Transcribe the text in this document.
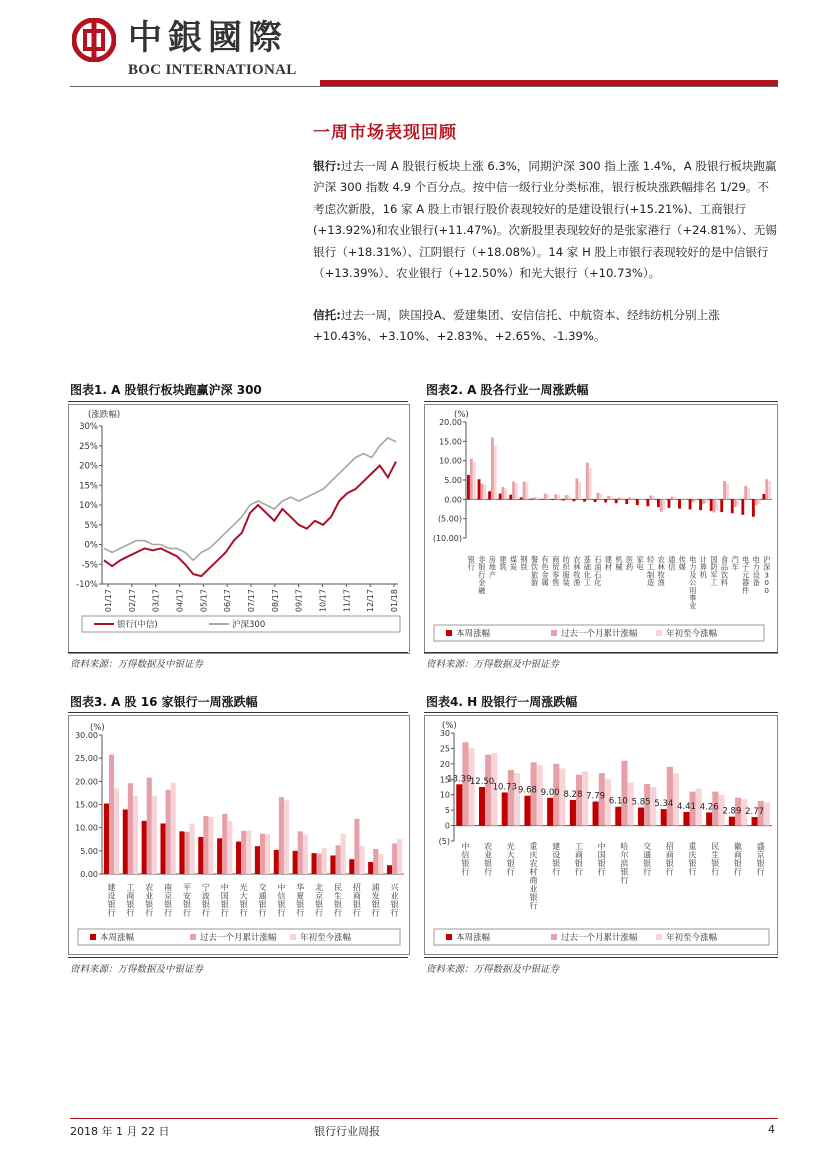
中銀國際
BOC INTERNATIONAL
一周市场表现回顾
银行:过去一周 A 股银行板块上涨 6.3%，同期沪深 300 指上涨 1.4%，A 股银行板块跑赢沪深 300 指数 4.9 个百分点。按中信一级行业分类标准，银行板块涨跌幅排名 1/29。不考虑次新股，16 家 A 股上市银行股价表现较好的是建设银行(+15.21%)、工商银行(+13.92%)和农业银行(+11.47%)。次新股里表现较好的是张家港行（+24.81%）、无锡银行（+18.31%）、江阴银行（+18.08%）。14 家 H 股上市银行表现较好的是中信银行（+13.39%）、农业银行（+12.50%）和光大银行（+10.73%）。
信托:过去一周，陕国投A、爱建集团、安信信托、中航资本、经纬纺机分别上涨+10.43%、+3.10%、+2.83%、+2.65%、-1.39%。
图表1. A 股银行板块跑赢沪深 300	图表2. A 股各行业一周涨跌幅
图表3. A 股 16 家银行一周涨跌幅	图表4. H 股银行一周涨跌幅
(涨跌幅)
30%
25%
20%
15%
10%
5%
0%
-5%
-10%
01/17 02/17 03/17 04/17 05/17 06/17 07/17 08/17 09/17 10/17 11/17 12/17 01/18
银行(中信)	沪深300
(%)
20.00
15.00
10.00
5.00
0.00
(5.00)
(10.00)
银
行
非
银
行
金
融
房
地
产
建
筑
煤
炭
钢
铁
餐
饮
旅
游
有
色
金
属
商
贸
零
售
纺
织
服
装
农
林
牧
渔
基
础
化
工
石
油
石
化
建
材
机
械
医
药
家
电
轻
工
制
造
农
林
牧
渔
通
信
传
媒
电
力
及
公
用
事
业
计
算
机
国
防
军
工
食
品
饮
料
汽
车
电
子
元
器
件
电
力
设
备
沪
深
3
0
0
本周涨幅	过去一个月累计涨幅	年初至今涨幅
(%)
30.00
25.00
20.00
15.00
10.00
5.00
0.00
建
设
银
行
工
商
银
行
农
业
银
行
南
京
银
行
平
安
银
行
宁
波
银
行
中
国
银
行
光
大
银
行
交
通
银
行
中
信
银
行
华
夏
银
行
北
京
银
行
民
生
银
行
招
商
银
行
浦
发
银
行
兴
业
银
行
本周涨幅	过去一个月累计涨幅	年初至今涨幅
(%)
30
25
20
15
10
5
0
(5)
13.39
中
信
银
行
12.50
农
业
银
行
10.73
光
大
银
行
9.68
重
庆
农
村
商
业
银
行
9.00
建
设
银
行
8.28
工
商
银
行
7.79
中
国
银
行
6.10
哈
尔
滨
银
行
5.85
交
通
银
行
5.34
招
商
银
行
4.41
重
庆
银
行
4.26
民
生
银
行
2.89
徽
商
银
行
2.77
盛
京
银
行
本周涨幅	过去一个月累计涨幅	年初至今涨幅
资料来源：万得数据及中银证券	资料来源：万得数据及中银证券
资料来源：万得数据及中银证券	资料来源：万得数据及中银证券
2018 年 1 月 22 日	银行行业周报	4
